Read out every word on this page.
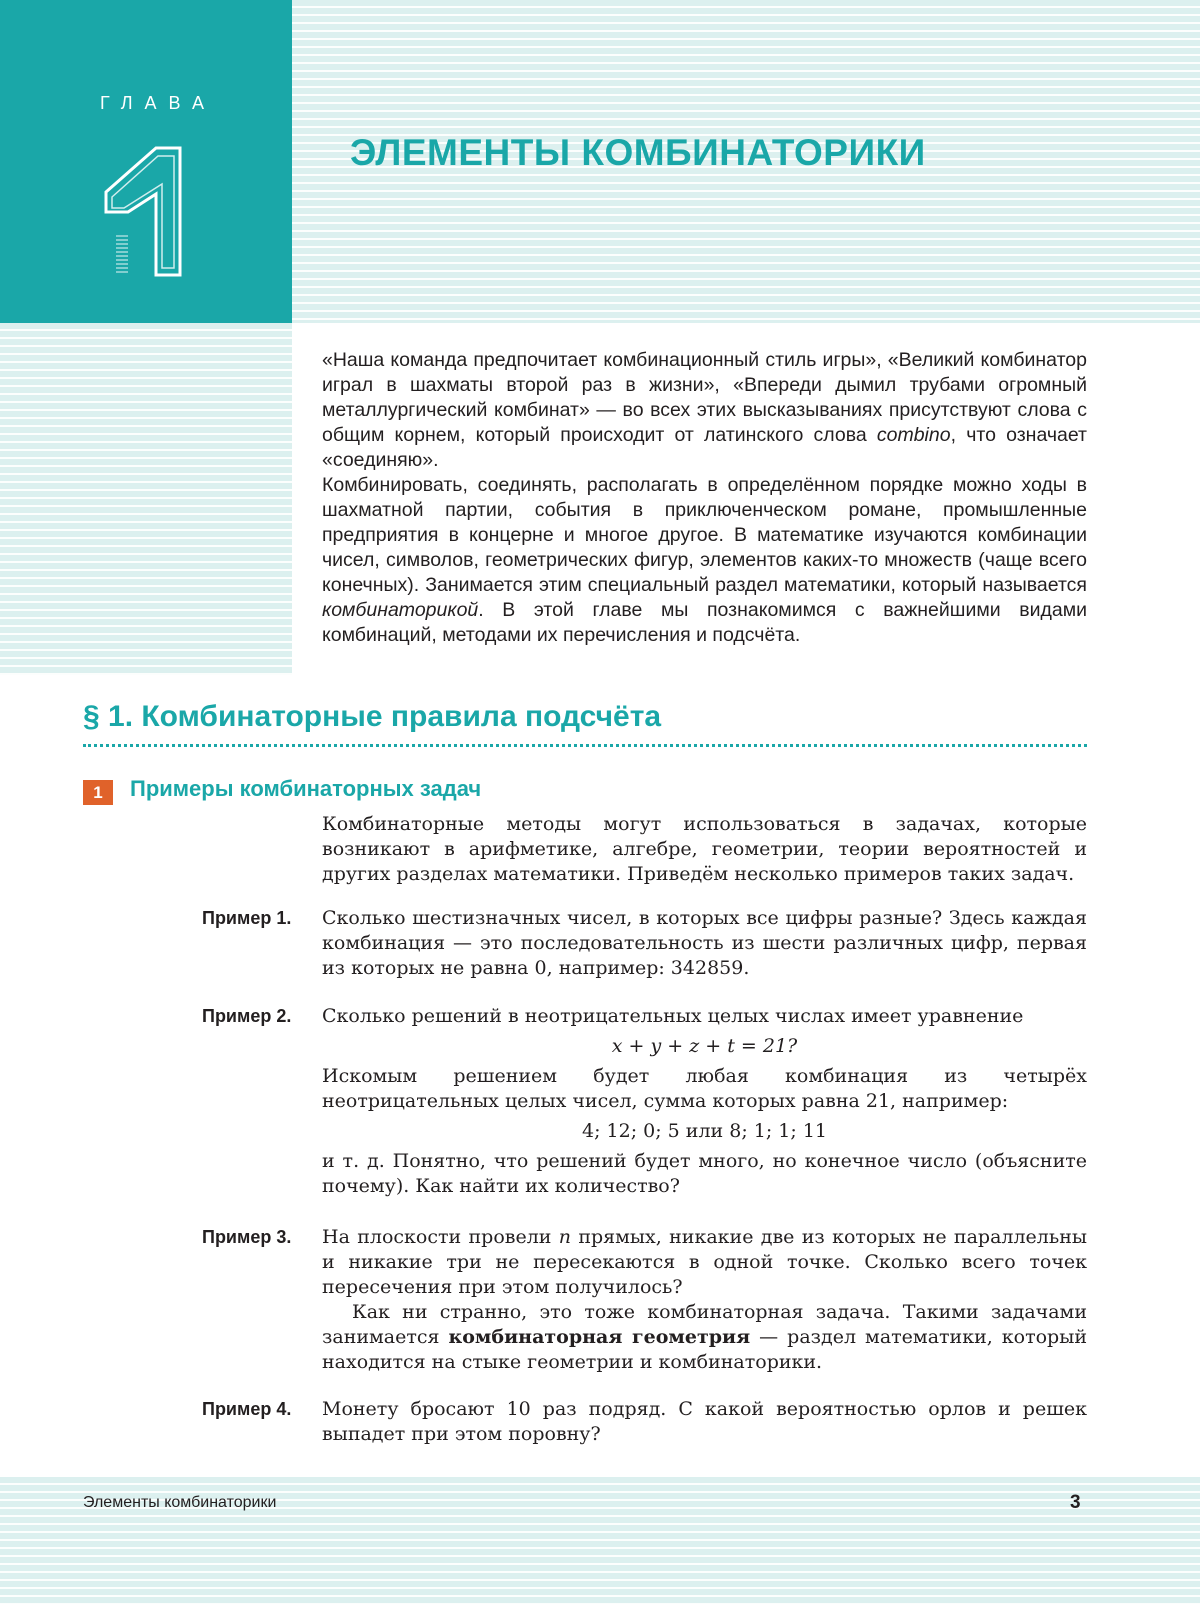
ГЛАВА
1
ЭЛЕМЕНТЫ КОМБИНАТОРИКИ

«Наша команда предпочитает комбинационный стиль игры», «Великий комбинатор играл в шахматы второй раз в жизни», «Впереди дымил трубами огромный металлургический комбинат» — во всех этих высказываниях присутствуют слова с общим корнем, который происходит от латинского слова combino, что означает «соединяю».

Комбинировать, соединять, располагать в определённом порядке можно ходы в шахматной партии, события в приключенческом романе, промышленные предприятия в концерне и многое другое. В математике изучаются комбинации чисел, символов, геометрических фигур, элементов каких-то множеств (чаще всего конечных). Занимается этим специальный раздел математики, который называется комбинаторикой. В этой главе мы познакомимся с важнейшими видами комбинаций, методами их перечисления и подсчёта.

§ 1. Комбинаторные правила подсчёта
1	Примеры комбинаторных задач

Комбинаторные методы могут использоваться в задачах, которые возникают в арифметике, алгебре, геометрии, теории вероятностей и других разделах математики. Приведём несколько примеров таких задач.

Пример 1. Сколько шестизначных чисел, в которых все цифры разные? Здесь каждая комбинация — это последовательность из шести различных цифр, первая из которых не равна 0, например: 342859.

Пример 2. Сколько решений в неотрицательных целых числах имеет уравнение

x + y + z + t = 21?

Искомым решением будет любая комбинация из четырёх неотрицательных целых чисел, сумма которых равна 21, например:

4; 12; 0; 5 или 8; 1; 1; 11

и т. д. Понятно, что решений будет много, но конечное число (объясните почему). Как найти их количество?

Пример 3. На плоскости провели n прямых, никакие две из которых не параллельны и никакие три не пересекаются в одной точке. Сколько всего точек пересечения при этом получилось?

Как ни странно, это тоже комбинаторная задача. Такими задачами занимается комбинаторная геометрия — раздел математики, который находится на стыке геометрии и комбинаторики.

Пример 4. Монету бросают 10 раз подряд. С какой вероятностью орлов и решек выпадет при этом поровну?

Элементы комбинаторики	3
